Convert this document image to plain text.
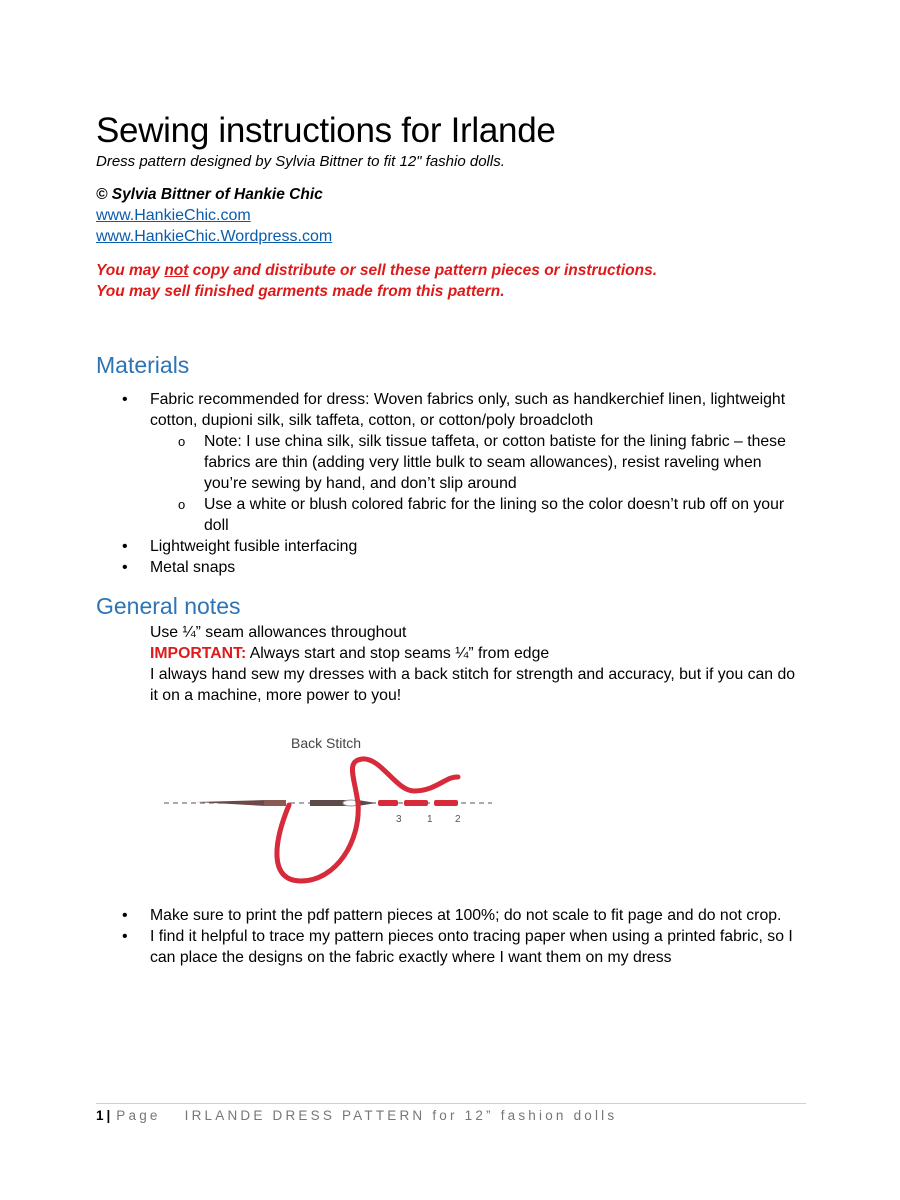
Sewing instructions for Irlande

Dress pattern designed by Sylvia Bittner to fit 12" fashio dolls.

© Sylvia Bittner of Hankie Chic
www.HankieChic.com
www.HankieChic.Wordpress.com
You may not copy and distribute or sell these pattern pieces or instructions.
You may sell finished garments made from this pattern.
Materials
• Fabric recommended for dress: Woven fabrics only, such as handkerchief linen, lightweight cotton, dupioni silk, silk taffeta, cotton, or cotton/poly broadcloth
o Note: I use china silk, silk tissue taffeta, or cotton batiste for the lining fabric – these fabrics are thin (adding very little bulk to seam allowances), resist raveling when you’re sewing by hand, and don’t slip around
o Use a white or blush colored fabric for the lining so the color doesn’t rub off on your doll
• Lightweight fusible interfacing
• Metal snaps
General notes
Use ¼” seam allowances throughout
IMPORTANT: Always start and stop seams ¼” from edge
I always hand sew my dresses with a back stitch for strength and accuracy, but if you can do it on a machine, more power to you!
Back Stitch
3	1 2
• Make sure to print the pdf pattern pieces at 100%; do not scale to fit page and do not crop.
• I find it helpful to trace my pattern pieces onto tracing paper when using a printed fabric, so I can place the designs on the fabric exactly where I want them on my dress
1 | Page IRLANDE DRESS PATTERN for 12” fashion dolls
